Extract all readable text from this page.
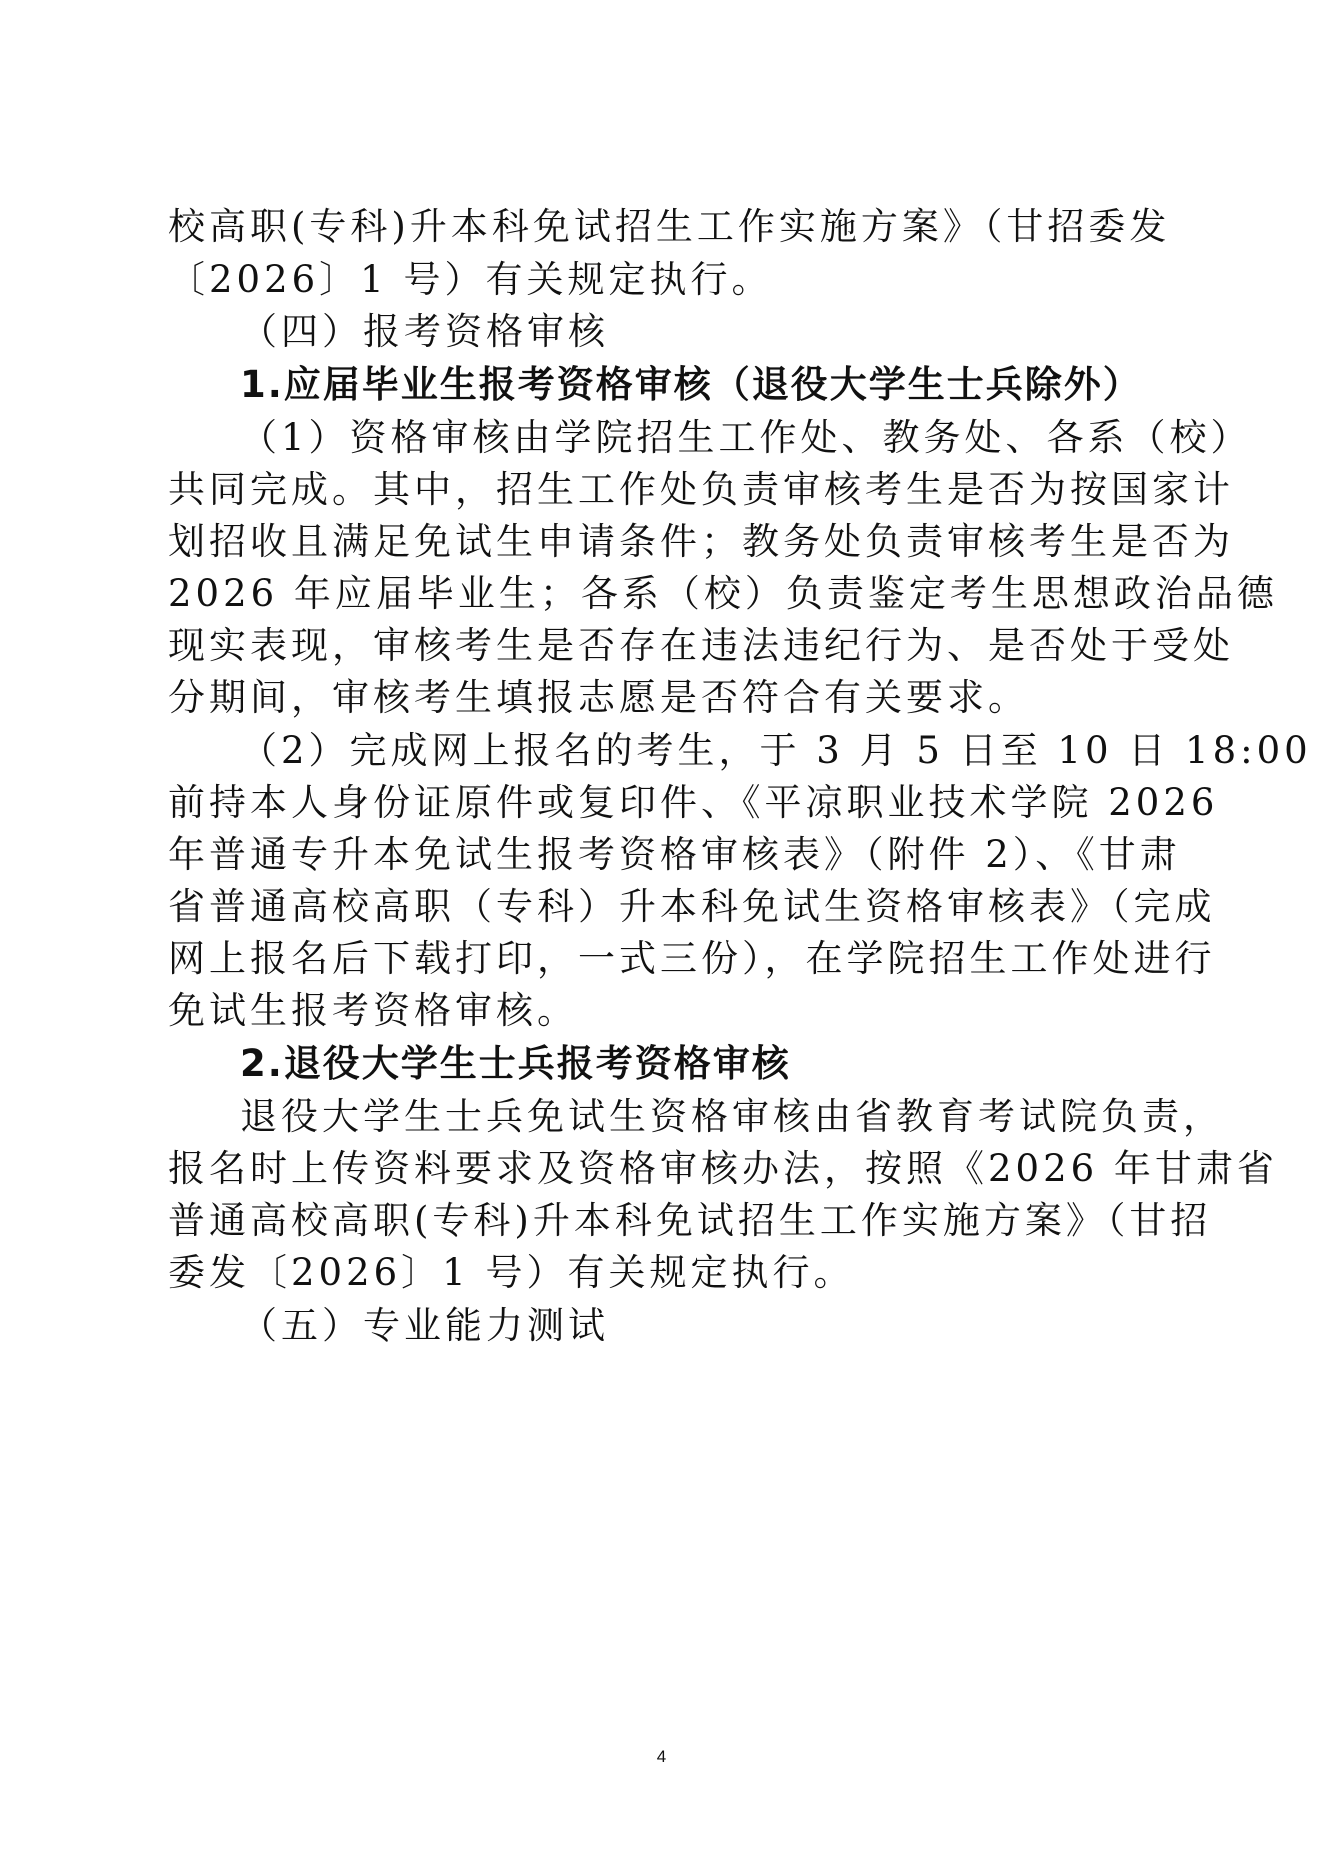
校高职(专科)升本科免试招生工作实施方案》（甘招委发
〔2026〕1 号）有关规定执行。
（四）报考资格审核
1.应届毕业生报考资格审核（退役大学生士兵除外）
（1）资格审核由学院招生工作处、教务处、各系（校）
共同完成。其中，招生工作处负责审核考生是否为按国家计
划招收且满足免试生申请条件；教务处负责审核考生是否为
2026 年应届毕业生；各系（校）负责鉴定考生思想政治品德
现实表现，审核考生是否存在违法违纪行为、是否处于受处
分期间，审核考生填报志愿是否符合有关要求。
（2）完成网上报名的考生，于 3 月 5 日至 10 日 18:00
前持本人身份证原件或复印件、《平凉职业技术学院 2026
年普通专升本免试生报考资格审核表》（附件 2）、《甘肃
省普通高校高职（专科）升本科免试生资格审核表》（完成
网上报名后下载打印，一式三份），在学院招生工作处进行
免试生报考资格审核。
2.退役大学生士兵报考资格审核
退役大学生士兵免试生资格审核由省教育考试院负责，
报名时上传资料要求及资格审核办法，按照《2026 年甘肃省
普通高校高职(专科)升本科免试招生工作实施方案》（甘招
委发〔2026〕1 号）有关规定执行。
（五）专业能力测试
4
